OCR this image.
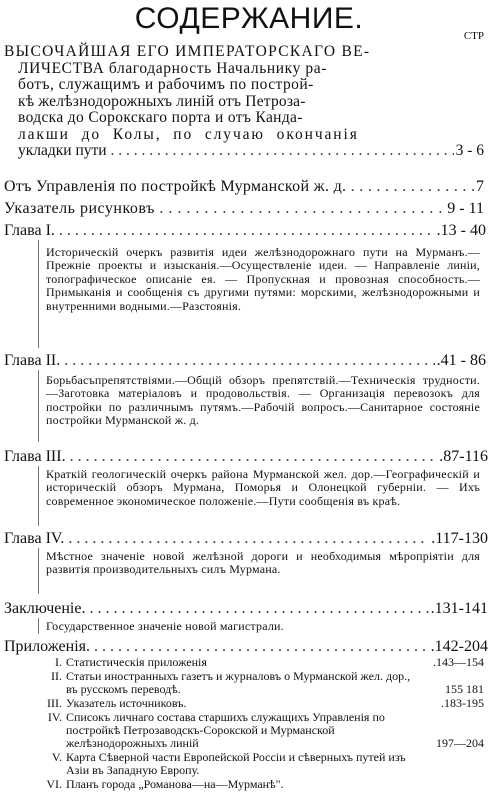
СОДЕРЖАНИЕ.
СТР
ВЫСОЧАЙШАЯ ЕГО ИМПЕРАТОРСКАГО ВЕ-
ЛИЧЕСТВА благодарность Начальнику ра-
ботъ, служащимъ и рабочимъ по построй-
кѣ желѣзнодорожныхъ линій отъ Петроза-
водска до Сорокскаго порта и отъ Канда-
лакши до Колы, по случаю окончанія
укладки пути . . .	3 - 6
Отъ Управленія по постройкѣ Мурманской ж. д. . . .	7
Указатель рисунковъ . . .	9 - 11
Глава I. . . .	.13 - 40
Историческій очеркъ развитія идеи желѣзнодорожнаго пути на Мурманъ.—Прежніе проекты и изысканія.—Осуществленіе идеи. — Направленіе линіи, топографическое описаніе ея. — Пропускная и провозная способность.— Примыканія и сообщенія съ другими путями: морскими, желѣзнодорожными и внутренними водными.—Разстоянія.
Глава II. . . .	.41 - 86
Борьбасъпрепятствіями.—Общій обзоръ препятствій.—Техническія трудности.—Заготовка матеріаловъ и продовольствія. — Организація перевозокъ для постройки по различнымъ путямъ.—Рабочій вопросъ.—Санитарное состояніе постройки Мурманской ж. д.
Глава III. . . .	.87-116
Краткій геологическій очеркъ района Мурманской жел. дор.—Географическій и историческій обзоръ Мурмана, Поморья и Олонецкой губерніи. — Ихъ современное экономическое положеніе.—Пути сообщенія въ краѣ.
Глава IV. . . .	.117-130
Мѣстное значеніе новой желѣзной дороги и необходимыя мѣропріятіи для развитія производительныхъ силъ Мурмана.
Заключеніе. . . .	.131-141
Государственное значеніе новой магистрали.
Приложенія. . . .	.142-204
I. Статистическія приложенія	.143—154
II. Статьи иностранныхъ газетъ и журналовъ о Мурманской жел. дор., въ русскомъ переводѣ.	155 181
III. Указатель источниковъ.	.183-195
IV. Списокъ личнаго состава старшихъ служащихъ Управленія по постройкѣ Петрозаводскъ-Сорокской и Мурманской желѣзнодорожныхъ линій	197—204
V. Карта Сѣверной части Европейской Россіи и сѣверныхъ путей изъ Азіи въ Западную Европу.
VI. Планъ города „Романова—на—Мурманѣ".
